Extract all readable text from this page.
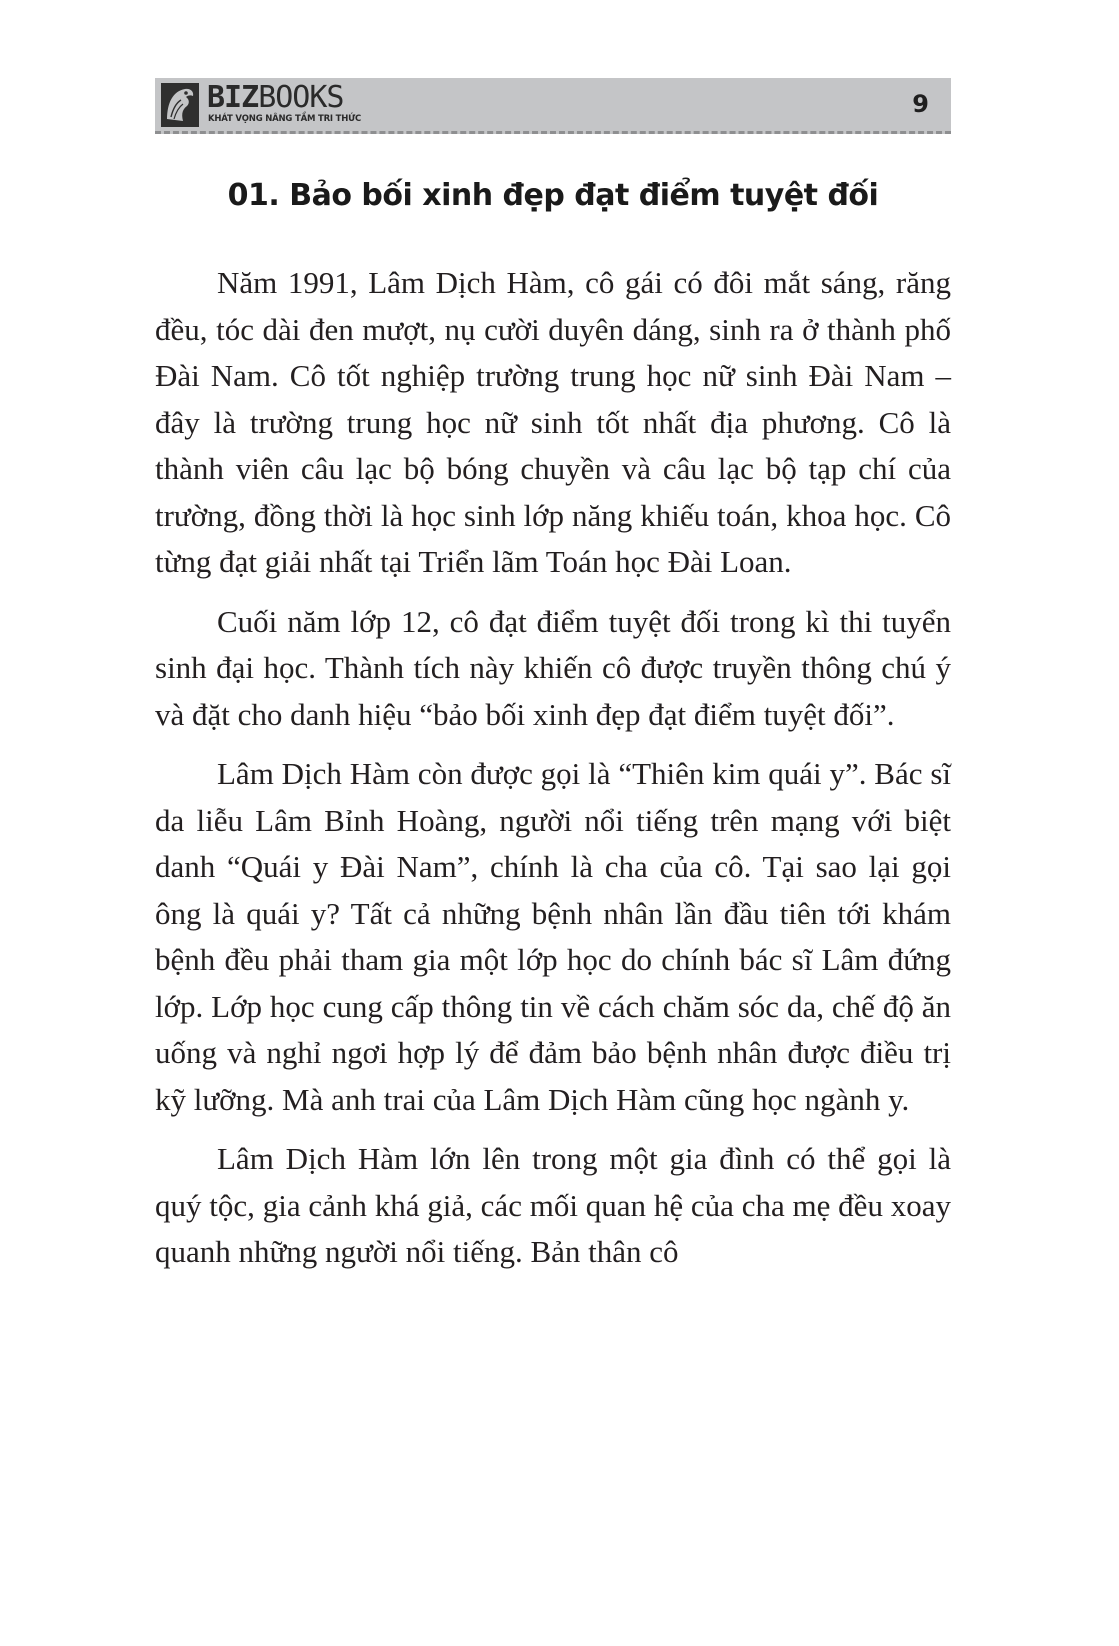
BIZBOOKS
KHÁT VỌNG NÂNG TẦM TRI THỨC
9
01. Bảo bối xinh đẹp đạt điểm tuyệt đối

Năm 1991, Lâm Dịch Hàm, cô gái có đôi mắt sáng, răng đều, tóc dài đen mượt, nụ cười duyên dáng, sinh ra ở thành phố Đài Nam. Cô tốt nghiệp trường trung học nữ sinh Đài Nam – đây là trường trung học nữ sinh tốt nhất địa phương. Cô là thành viên câu lạc bộ bóng chuyền và câu lạc bộ tạp chí của trường, đồng thời là học sinh lớp năng khiếu toán, khoa học. Cô từng đạt giải nhất tại Triển lãm Toán học Đài Loan.

Cuối năm lớp 12, cô đạt điểm tuyệt đối trong kì thi tuyển sinh đại học. Thành tích này khiến cô được truyền thông chú ý và đặt cho danh hiệu “bảo bối xinh đẹp đạt điểm tuyệt đối”.

Lâm Dịch Hàm còn được gọi là “Thiên kim quái y”. Bác sĩ da liễu Lâm Bỉnh Hoàng, người nổi tiếng trên mạng với biệt danh “Quái y Đài Nam”, chính là cha của cô. Tại sao lại gọi ông là quái y? Tất cả những bệnh nhân lần đầu tiên tới khám bệnh đều phải tham gia một lớp học do chính bác sĩ Lâm đứng lớp. Lớp học cung cấp thông tin về cách chăm sóc da, chế độ ăn uống và nghỉ ngơi hợp lý để đảm bảo bệnh nhân được điều trị kỹ lưỡng. Mà anh trai của Lâm Dịch Hàm cũng học ngành y.

Lâm Dịch Hàm lớn lên trong một gia đình có thể gọi là quý tộc, gia cảnh khá giả, các mối quan hệ của cha mẹ đều xoay quanh những người nổi tiếng. Bản thân cô
